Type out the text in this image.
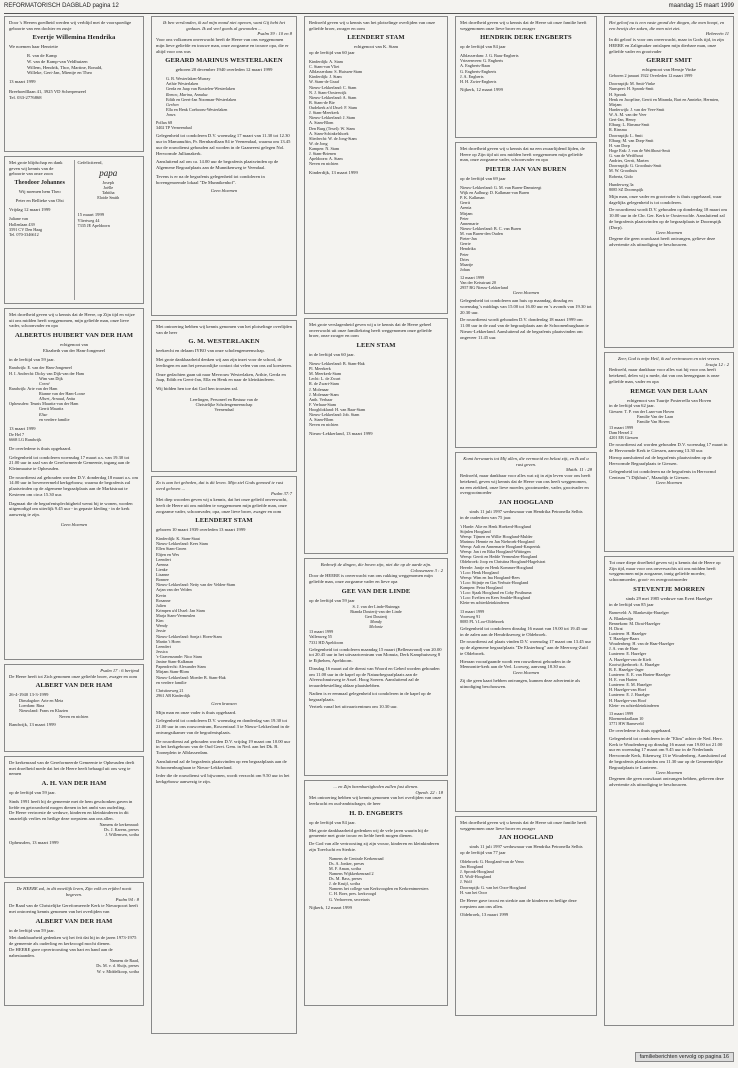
REFORMATORISCH DAGBLAD pagina 12	maandag 15 maart 1999

Door 's Heeren goedheid werden wij verblijd met de voorspoedige geboorte van een dochter en zusje

Evertje Willemina Hendrika

We noemen haar Henriette

R. van de Kamp

W. van de Kamp-van Veldhuizen

Willem, Hendrik, Thor, Martine, Ronald,

Willeke, Gert-Jan, Mientje en Theo

13 maart 1999

Breehoedllaan 41, 3925 VD Scherpenzeel

Tel. 033-2776868

Met grote blijdschap en dank geven wij kennis van de geboorte van onze zoon

Theodoor Johannes

Wij noemen hem Theo

Peter en Bellieke van Olst

Vrijdag 12 maart 1999

Juliane van

Hollenlaan 439

3591 CV Den Haag

Tel. 070-3346612

Gefeliciteerd,

papa

Joseph

Joëlle

Tabitha

Eloide Smith

15 maart 1999

Vliertweg 44

7335 JE Apeldoorn

Met droefheid geven wij u kennis dat de Heere, op Zijn tijd en wijze uit ons midden heeft weggenomen, mijn geliefde man, onze lieve vader, schoonvader en opa

ALBERTUS HUIBERT VAN DER HAM

echtgenoot van

Elizabeth van der Ham-Jongeneel

in de leeftijd van 59 jaar.

Randwijk: E. van der Ham-Jongeneel

H. I. Andrecht: Dicky van Dijk-van der Ham

Wim van Dijk

Corné

Randwijk: Arie van der Ham

Rianne van der Ham-Loose

Albert, Arnaud, Anita

Opheusden: Teunis Mauritz-van der Ham

Gerrit Mauritz

Elize

en verdere familie

13 maart 1999

De Hel 7

6668 LG Randwijk

De overledene is thuis opgebaard.

Gelegenheid tot condoleren woensdag 17 maart a.s. van 19.30 tot 21.00 uur in zaal van de Gereformeerde Gemeente, ingang aan de Kleinmaatse te Opheusden.

De rouwdienst zal gehouden worden D.V. donderdag 18 maart a.s. om 14.00 uur in bovenvermeld kerkgebouw, waarna de begrafenis zal plaatsvinden op de algemene begraafplaats aan de Marktstraat te Kesteren om circa 15.30 uur.

Dagmaat die de begrafenisplechtigheid wenst bij te wonen, worden uitgenodigd om uiterlijk 9.45 uur - in gepaste kleding - in de kerk aanwezig te zijn.

Geen bloemen

Psalm 17 : 6 berijmd

De Heere heeft tot Zich genomen onze geliefde broer, zwager en oom

ALBERT VAN DER HAM

26-4-1940 13-3-1999

Dinsdagdoe: Arie en Meta

Loerdam: Rina

Nieuwland: Frans en Klazien

Neven en nichten

Randwijk, 13 maart 1999

De kerkenraad van de Gereformeerde Gemeente te Opheusden deelt met droefheid mede dat het de Heere heeft behaagd uit ons weg te nemen

A. H. VAN DER HAM

op de leeftijd van 59 jaar.

Sinds 1991 heeft hij de gemeente met de hem geschonken gaven in liefde en getrouwheid mogen dienen in het ambt van ouderling.

De Heere vertroeste de weduwe, kinderen en kleinkinderen in dit smartelijk verlies en heilige deze roepstem aan ons allen.

Namens de kerkenraad:

Ds. J. Karens, preses

J. Willemsen, scriba

Opheusden, 13 maart 1999

De HEERE zal, in dit moeilijk leven, Zijn volk en erfdeel nooit begeven.

Psalm 94 : 8

De Raad van de Christelijke Gereformeerde Kerk te Nieuwpoort heeft met ontroering kennis genomen van het overlijden van

ALBERT VAN DER HAM

in de leeftijd van 59 jaar.

Met dankbaarheid gedenken wij het feit dat hij in de jaren 1973-1975 de gemeente als ouderling en kerkvoogd mocht dienen.

De HEERE gave opvertroosting van hart en hand aan de nabestaanden.

Namens de Raad,

Ds. M. v. d. Sluijs, preses

W. v. Middelkoop, scriba

Ik ben verslonden, ik zal mijn mond niet openen, want Gij hebt het gedaan. Ik zal veel goeds al gewonden ...

Psalm 39 : 10 en 8

Voor ons volkomen onverwacht heeft de Heere van ons weggenomen mijn lieve geliefde en trouwe man, onze zorgzame en trouwe opa, die er altijd voor ons was

GERARD MARINUS WESTERLAKEN

geboren 20 december 1940 overleden 12 maart 1999

G. B. Westerlaken-Murray

Arthie Westerlaken

Gerda en Jaap van Boxtelen-Westerlaken

Remco, Marina, Annaluc

Edith en Geert-Jan Noorman-Westerlaken

Gerben

Ella en Henk Coebooru-Westerlaken

Jones

Pollux 68

3402 TP Verneendaal

Gelegenheid tot condoleren D.V. woensdag 17 maart van 11.30 tot 12.30 uur in Mamanuftin, Pr. Bernhardlaan 84 te Veenendaal, waarna om 13.45 uur de rouwdienst gehouden zal worden in de Gaaneeest gelegen Nol. Hervormde Jullianakerk.

Aansluitend zal om ca. 14.00 uur de begrafenis plaatsvinden op de Algemene Begraafplaats aan de Munnikenweg te Veendaal.

Tevens is er na de begrafenis gelegenheid tot condoleren in bovengenoemde lokaal "De Munnikenhof".

Geen bloemen

Met ontroering hebben wij kennis genomen van het plotselinge overlijden van de heer

G. M. WESTERLAKEN

beekrecht en delaam IYBO van onze scholengemeenschap.

Met grote dankbaarheid denken wij aan zijn inzet voor de school, de leerlingen en aan het persoonlijke contact dat velen van ons zal koesteren.

Onze gedachten gaan uit naar Mevrouw Westerlaken, Arthie, Gerda en Jaap, Edith en Geert-Jan, Ella en Henk en naar de kleinkinderen.

Wij bidden hen toe dat God hen troosten zal.

Leerlingen, Personeel en Bestuur van de

Christelijke Scholengemeenschap

Veenendaal

Zo is aan het gebeden, dat is dit leven. Mijn ziel Gods gemoed te rust werd geloven ...

Psalm 37:7

Met diep woorden geven wij u kennis, dat het onze geliefd onverwacht, heeft de Heere uit ons midden te weggenomen mijn geliefde man, onze zorgzame vader, schoonvader, opa, onze lieve broer, zwager en oom

LEENDERT STAM

geboren 10 maart 1939 overleden 13 maart 1999

Kinderdijk: K. Stam-Staat

Nieuw-Lekkerland: Kees Stam

Ellen Stam-Groen

Eltjen en Wes

Leendert

Arenna

Lienke

Lisanne

Bonnee

Nieuw-Lekkerland: Netty van der Velden-Stam

Arjan van der Velden

Kevin

Rosanne

Julien

Krimpen a/d IJssel: Jan Stam

Marja Stam-Vermeulen

Kim

Wendy

Jessie

Nieuw-Lekkerland: Sonja t Hoen-Stam

Martin 't Hoen

Leendert

Jessica

's-Gravenzande: Nico Stam

Janine Stam-Kalkman

Papendrecht: Alexander Stam

Mirjam Stam-Blom

Nieuw-Lekkerland: Moeder B. Stam-Hak

en verdere familie

Christineweg 21

2961 AB Kinderdijk

Geen kransen

Mijn man en onze vader is thuis opgebaard.

Gelegenheid tot condoleren D.V. woensdag en donderdag van 19.30 tot 21.00 uur in ons rouwcentrum, Roscentraal 3 te Nieuw-Lekkerland in de ontvangstkamer van de begrafenisplaats.

De rouwdienst zal gehouden worden D.V. vrijdag 19 maart om 10.00 uur in het kerkgebouw van de Oud Gerei. Gem. in Ned. aan het Dk. B. Tooneplein te Alblasserdam.

Aansluitend zal de begrafenis plaatsvinden op een begraafplaats aan de Schoonenburghaan te Nieuw-Lekkerland.

Ieder die de rouwdienst wil bijwonen, wordt verzocht om 9.50 uur in het kerkgebouw aanwezig te zijn.

Bedroefd geven wij u kennis van het plotselinge overlijden van onze geliefde broer, zwager en oom

LEENDERT STAM

echtgenoot van K. Stam

op de leeftijd van 60 jaar

Kinderdijk: A. Stam

C. Stam-van Vliet

Alblasserdam: S. Huissen-Stam

Kinderdijk: J. Stam

W. Stam-de Graaf

Nieuw-Lekkerland: C. Stam

N. J. Stam-Oosterwijk

Nieuw-Lekkerland: A. Stam

B. Stam-de Bie

Oudekerk a/d IJssel: F. Stam

J. Stam-Meerkerk

Nieuw-Lekkerland: J. Stam

A. Stam-Blom

Den Burg (Texel): W. Stam

A. Stam-Schinkelshoek

Sliedrecht: W. de Jong-Stam

W. de Jong

Kampen: N. Stam

J. Stam-Brienen

Apeldoorn: A. Stam

Neven en nichten

Kinderdijk, 13 maart 1999

Met grote verslagenheid geven wij u te kennis dat de Heere geheel onverwacht uit onze familiekring heeft weggenomen onze geliefde broer, onze zwager en oom

LEEN STAM

in de leeftijd van 60 jaar.

Nieuw-Lekkerland: B. Stam-Hak

Pl. Meerkerk

M. Meerkerk-Stam

Lecht: L. de Zwart

R. de Zwart-Stam

J. Molenaar

J. Molenaar-Stam

Anth. Verhaar

F. Verhaar-Stam

Hoogblokland: H. van Baar-Stam

Nieuw-Lekkerland: Job. Stam

A. Stam-Blom

Neven en nichten

Nieuw-Lekkerland, 13 maart 1999

Bedroeft de dingen, die boven zijn, niet die op de aarde zijn.

Colossenzen 3 : 2

Door de HEERE is onverwacht van ons rukking weggenomen mijn geliefde man, onze zorgzame vader en lieve opa

GEE VAN DER LINDE

op de leeftijd van 59 jaar

S. J. van der Linde-Ruinnga

Bianda Douterij-van der Linde

Gert Douterij

Mandy

Melanie

13 maart 1999

Vallenweg 55

7331 HD Apeldoorn

Gelegenheid tot condoleren maandag 15 maart (Bellenavond) van 20.00 tot 20.45 uur in het uitvaartcentrum van Monuta, Derk Kamphuisweg 8 te Eijbehen, Apeldoorn.

Dinsdag 16 maart zal de dienst van Woord en Gebed worden gehouden om 11.00 uur in de kapel op de Natuurbegraafplaats aan de Alverschnuisweg te Assel. Hoog Soeren. Aansluitend zal de teraardebestelling aldaar plaatshebben.

Nadien is er eenmaal gelegenheid tot condoleren in de kapel op de begraafplaats.

Vertrek vanaf het uitvaartcentrum om 10.30 uur.

... en Zijn barmhartigheden zullen fast dienen.

Openb. 22 : 18

Met ontroering hebben wij kennis genomen van het overlijden van onze leerkracht en oud-ambtsdrager, de heer

H. D. ENGBERTS

op de leeftijd van 84 jaar.

Met grote dankbaarheid gedenken wij de vele jaren waarin hij de gemeente met grote trouw en liefde heeft mogen dienen.

De God van alle vertroosting zij zijn vrouw, kinderen en kleinkinderen zijn Toevlucht en Sterkte.

Namens de Centrale Kerkenraad

Ds. A. Jonker, preses

M. F. Aman, scriba

Namens Wijkkerkenraad 2

Ds. M. Bass, preses

J. de Kruijf, scriba

Namens het college van Kerkvoogden en Kerkrentmeesters

C. H. Boer, pres. kerkvoogd

G. Verhoeven, secretaris

Nijkerk, 12 maart 1999

Met droefheid geven wij u kennis dat de Heere uit onze familie heeft weggenomen onze lieve broer en zwager

HENDRIK DERK ENGBERTS

op de leeftijd van 84 jaar

Alblasserdam: J. G. Baas-Engberts

Vriezenveen: G. Engberts

A. Engberts-Baan

G. Engberts-Engberts

J. A. Engberts

H. H. Zwier-Engberts

Nijkerk, 12 maart 1999

Met droefheid geven wij u kennis dat na een zwaarlijdend lijden, de Heere op Zijn tijd uit ons midden heeft weggenomen mijn geliefde man, onze zorgzame vader, schoonvader en opa

PIETER JAN VAN BUREN

op de leeftijd van 69 jaar

Nieuw-Lekkerland: G. M. van Buren-Damsteegt

Wijk en Aalburg: D. Kalkman-van Buren

P. K. Kalkman

Gerrit

Arenia

Mirjam

Peter

Annemarie

Nieuw-Lekkerland: B. C. van Buren

M. van Buren-den Ouden

Pieter-Jan

Gerrie

Hendrika

Peter

Dries

Maartje

Johan

12 maart 1999

Van der Keisstraat 20

2957 BG Nieuw-Lekkerland

Geen bloemen

Gelegenheid tot condoleren aan huis op maandag, dinsdag en woensdag 's middags van 15.00 tot 16.00 uur en 's avonds van 19.30 tot 20.30 uur.

De rouwdienst wordt gehouden D.V. donderdag 18 maart 1999 om 11.00 uur in de zaal van de begraafplaats aan de Schoonenburghaan te Nieuw-Lekkerland. Aansluitend zal de begrafenis plaatsvinden om ongeveer 11.45 uur.

Komt herwaarts tot Mij allen, die vermoeid en belast zijt, en Ik zal u rust geven.

Matth. 11 : 28

Bedroefd, maar dankbaar voor alles wat zij in zijn leven voor ons heeft betekend, geven wij kennis dat de Heere van ons heeft weggenomen, na een ziekbed, onze lieve moeder, grootmoeder, vader, grootvader en overgrootmoeder

JAN HOOGLAND

sinds 11 juli 1997 weduwnaar van Hendrika Petronella Selbis

in de ouderdom van 75 jaar.

't Harde: Alie en Henk Hoekerd-Hoogland

Stijnlen Hoogland

Weesp: Tijmen en Willie Hoogland-Mulder

Marinus: Hennie en Jan Niebroek-Hoogland

Weesp: Aalt en Annemarie Hoogland-Kaspertsk

Weesp: Jan t en Rika Hoogland-Wittingen

Weesp: Gerrit en Hedde Vermeulen-Hoogland

Oldebroek: Joop en Christina Hoogland-Hagelstrat

Heerde: Jantje en Henk Kommer-Hoogland

't Loo: Henk Hoogland

Weesp: Wim en Ina Hoogland-Rees

't Loo: Stijntje en Gas Verhuis-Hoogland

Kampen: Petra Hoogland

't Loo: Sjaak Hoogland en Coby Posthuma

't Loo: Evelien en Kees Smilde-Hoogland

Klein-en achterkleinkinderen

13 maart 1999

Voorweg 91

8085 PL 't Loo-Oldebroek

Gelegenheid tot condoleren dinsdag 16 maart van 19.00 tot 19.45 uur in de zalen aan de Hendrikseweg te Oldebroek.

De rouwdienst zal plaats vinden D.V. woensdag 17 maart om 13.45 uur op de algemene begraafplaats "De Eksterburg" aan de Meerweg-Zuid te Oldebroek.

Hieraan voorafgaande wordt een rouwdienst gehouden in de Mennonite-kerk aan de Verl. Looweg, aanvang 18.30 uur.

Geen bloemen

Zij die geen kaart hebben ontvangen, kunnen deze advertentie als uitnodiging beschouwen.

Met droefheid geven wij u kennis dat de Heere uit onze familie heeft weggenomen onze lieve broer en zwager

JAN HOOGLAND

sinds 11 juli 1997 weduwnaar van Hendrika Petronella Selbis

op de leeftijd van 77 jaar

Oldebroek: G. Hoogland-van de Venn

Jan Hoogland

J. Spronk-Hoogland

D. Wolf-Hoogland

J. Wolf

Doornspijk: G. van het Ooor-Hoogland

H. van het Ooor

De Heere gave troost en sterkte aan de kinderen en heilige deze roepstem aan ons allen.

Oldebroek, 13 maart 1999

Het geloof nu is een vaste grond der dingen, die men hoopt, en een bewijs der zaken, die men niet ziet.

Hebreeën 11

In dit geloof is voor ons onverwacht, maar in Gods tijd, in zijn HEERE en Zaligmaker ontslapen mijn dierbare man, onze geliefde vader en grootvader

GERRIT SMIT

echtgenoot van Hensje Vinke

Geboren 2 januari 1922 Overleden 12 maart 1999

Doornspijk: M. Smit-Vinke

Nunspeet: H. Spronk-Smit

H. Spronk

Henk en Jacqeline, Gerrit en Miranda, Bart en Annieke, Hermien, Mirjam

Harderwijk: J. van der Veer-Smit

W. A. M. van der Veer

Gert-Jan, Henry

Elburg: L. Rinsma-Smit

R. Rinsma

Doornspijk: L. Smit

Elburg: M. van Dorp-Smit

H. van Dorp

Hoge Enk: J. van de Weiffhout-Smit

G. van de Weiffhout

Andries, Gerrit, Marten

Doornspijk: G. Groothuis-Smit

M. W. Groothuis

Roberta, Gido

Hunderweg 3a

8085 SZ Doornspijk

Mijn man, onze vader en grootvader is thuis opgebaard, waar dagelijks gelegenheid is tot condoleren.

De rouwdienst wordt D.V. gehouden op donderdag 18 maart om 10.00 uur in de Chr. Ger. Kerk te Oosterwolde. Aansluitend zal de begrafenis plaatsvinden op de begraafplaats te Doornspijk (Dorp).

Geen bloemen

Degene die geen rouwkaart heeft ontvangen, gelieve deze advertentie als uitnodiging te beschouwen.

Zeer, God is mijn Heil, ik zal vertrouwen en niet vrezen.

Jesaja 12 : 2

Bedroefd, maar dankbaar voor alles wat hij voor ons heeft betekend, delen wij u mede, dat van ons heengegaan is onze geliefde man, vader en opa

REMGE VAN DER LAAN

echtgenoot van Tuurtje Posterrella van Hoven

in de leeftijd van 62 jaar.

Giessen: T. P. van der Laan-van Hoven

Familie Van der Laan

Familie Van Hoven

13 maart 1999

Dam Herzel 2

4201 EB Giessen

De rouwdienst zal worden gehouden D.V. woensdag 17 maart in de Hervormde Kerk te Giessen, aanvang 13.30 uur.

Hierop aansluitend zal de begrafenis plaatsvinden op de Hervormde Begraafplaats te Giessen.

Gelegenheid tot condoleren na de begrafenis in Hervormd Centrum "'t Dijkhuis", Maasdijk te Giessen.

Geen bloemen

Tot onze diepe droefheid geven wij u kennis dat de Heere op Zijn tijd, maar voor ons onverwachts uit ons midden heeft weggenomen mijn zorgzame, innig geliefde moeder, schoonmoeder, groot- en overgrootmoeder

STEVENTJE MORREN

sinds 29 mei 1985 weduwe van Evert Hazelger

in de leeftijd van 85 jaar

Barneveld: A. Blankestijn-Hazelger

A. Blankestijn

Bennekom: M. Dirat-Hazelger

H. Dirat

Lunteren: H. Hazelger

T. Hazelger-Baars

Woudenberg: H. van de Haar-Hazelger

J. A. van de Haar

Lunteren: E. Hazelger

A. Hazelger-van de Kieft

Kootwijkerbroek: A. Hazelger

B. E. Hazelger-Jager

Lunteren: E. E. van Harten-Hazelger

H. E. van Harten

Lunteren: E. M. Hazelger

H. Hazelger-van Hoef

Lunteren: E. J. Hazelger

H. Hazelger-van Hoof

Klein- en achterkleinkinderen

13 maart 1999

Bloemendaallaan 10

3771 HW Barneveld

De overledene is thuis opgebaard.

Gelegenheid tot condoleren in de "Elim" achter de Ned. Herv. Kerk te Woudenberg op dinsdag 16 maart van 19.00 tot 21.00 uur en woensdag 17 maart om 9.45 uur in de Nederlands Hervormde Kerk, Eikenweg 13 te Woudenberg. Aansluitend zal de begrafenis plaatsvinden om 11.30 uur op de Gemeentelijke Begraafplaats te Lunteren.

Geen bloemen

Degenen die geen rouwkaart ontvangen hebben, gelieven deze advertentie als uitnodiging te beschouwen.

familieberichten vervolg op pagina 16
